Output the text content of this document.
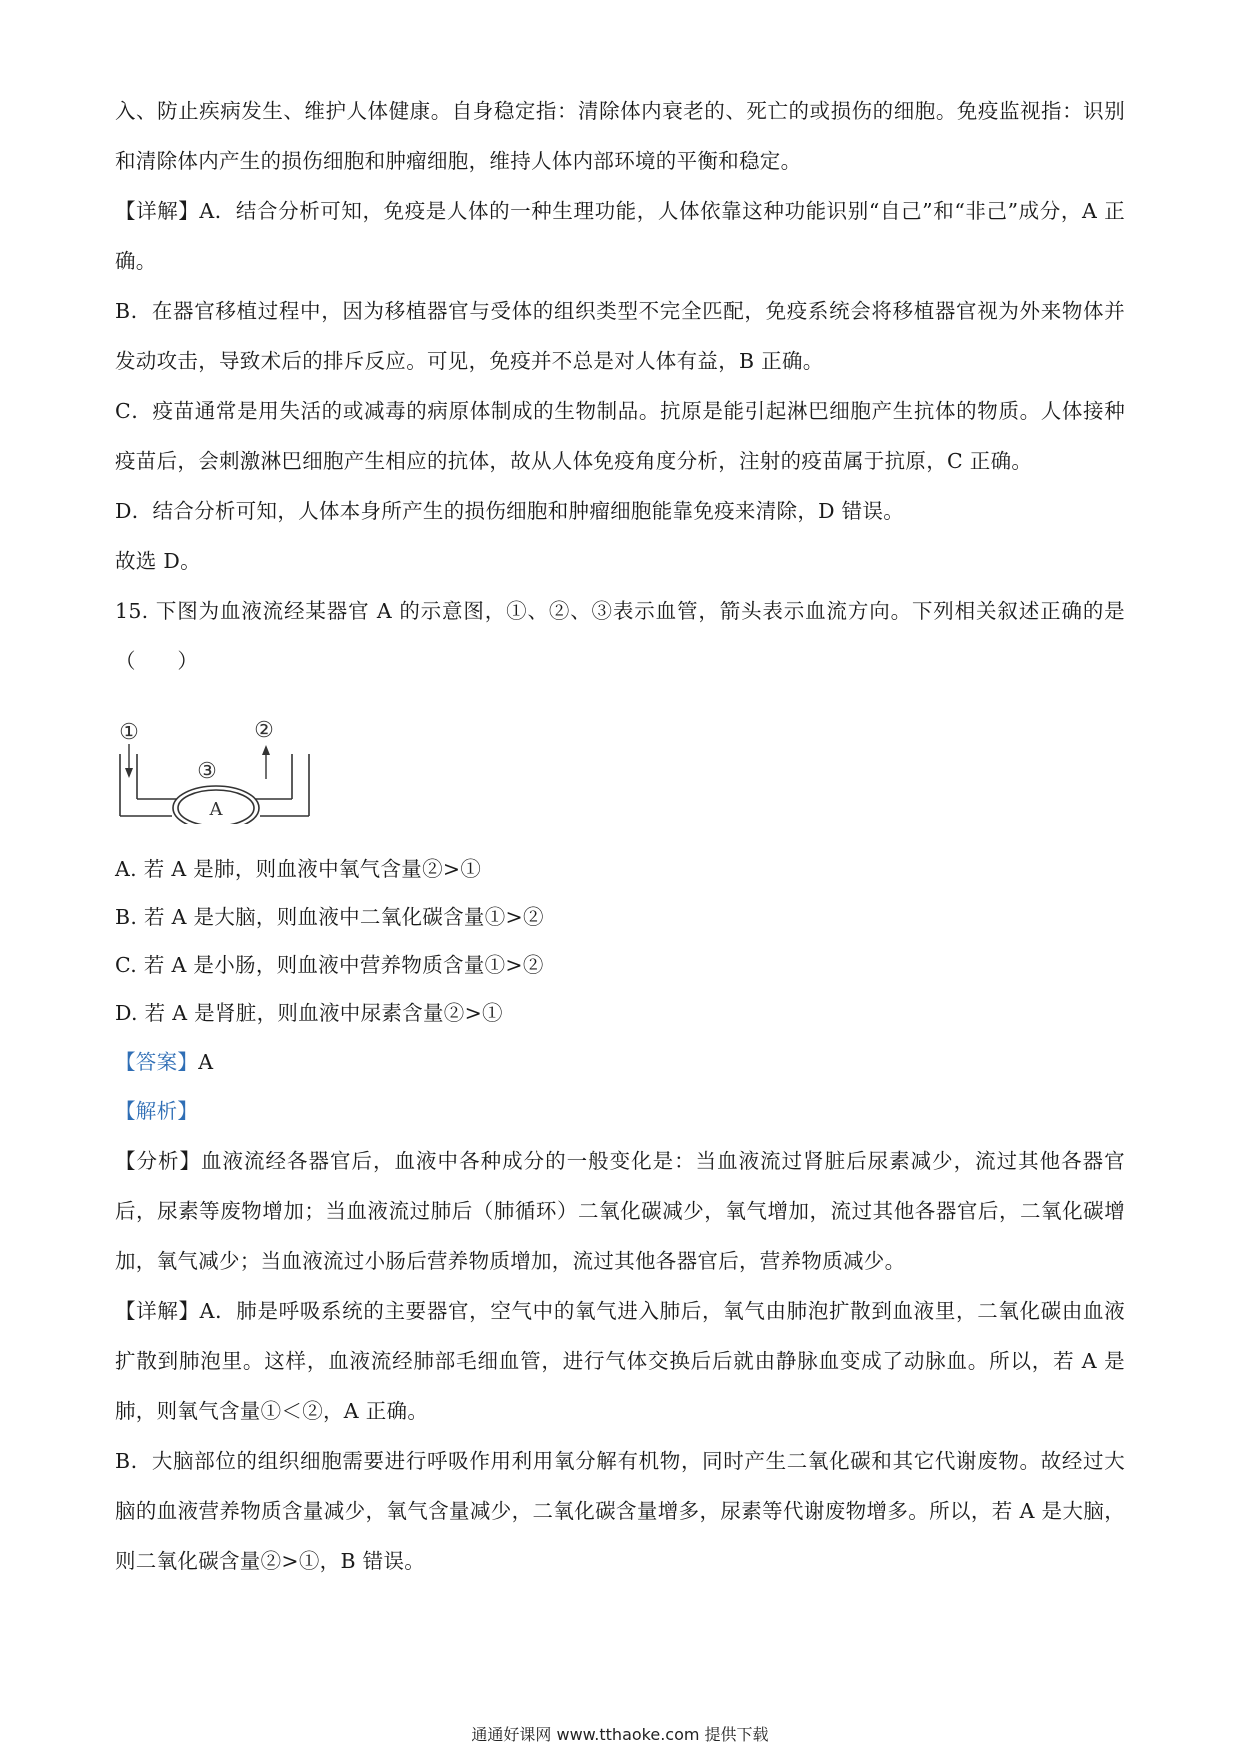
入、防止疾病发生、维护人体健康。自身稳定指：清除体内衰老的、死亡的或损伤的细胞。免疫监视指：识别和清除体内产生的损伤细胞和肿瘤细胞，维持人体内部环境的平衡和稳定。

【详解】A．结合分析可知，免疫是人体的一种生理功能，人体依靠这种功能识别“自己”和“非己”成分，A 正确。

B．在器官移植过程中，因为移植器官与受体的组织类型不完全匹配，免疫系统会将移植器官视为外来物体并发动攻击，导致术后的排斥反应。可见，免疫并不总是对人体有益，B 正确。

C．疫苗通常是用失活的或减毒的病原体制成的生物制品。抗原是能引起淋巴细胞产生抗体的物质。人体接种疫苗后，会刺激淋巴细胞产生相应的抗体，故从人体免疫角度分析，注射的疫苗属于抗原，C 正确。

D．结合分析可知，人体本身所产生的损伤细胞和肿瘤细胞能靠免疫来清除，D 错误。

故选 D。

15. 下图为血液流经某器官 A 的示意图，①、②、③表示血管，箭头表示血流方向。下列相关叙述正确的是（　　）

①	②
③
A
A. 若 A 是肺，则血液中氧气含量②>①
B. 若 A 是大脑，则血液中二氧化碳含量①>②
C. 若 A 是小肠，则血液中营养物质含量①>②
D. 若 A 是肾脏，则血液中尿素含量②>①
【答案】A
【解析】

【分析】血液流经各器官后，血液中各种成分的一般变化是：当血液流过肾脏后尿素减少，流过其他各器官后，尿素等废物增加；当血液流过肺后（肺循环）二氧化碳减少，氧气增加，流过其他各器官后，二氧化碳增加，氧气减少；当血液流过小肠后营养物质增加，流过其他各器官后，营养物质减少。

【详解】A．肺是呼吸系统的主要器官，空气中的氧气进入肺后，氧气由肺泡扩散到血液里，二氧化碳由血液扩散到肺泡里。这样，血液流经肺部毛细血管，进行气体交换后后就由静脉血变成了动脉血。所以，若 A 是肺，则氧气含量①＜②，A 正确。

B．大脑部位的组织细胞需要进行呼吸作用利用氧分解有机物，同时产生二氧化碳和其它代谢废物。故经过大脑的血液营养物质含量减少，氧气含量减少，二氧化碳含量增多，尿素等代谢废物增多。所以，若 A 是大脑，则二氧化碳含量②>①，B 错误。

通通好课网 www.tthaoke.com 提供下载
